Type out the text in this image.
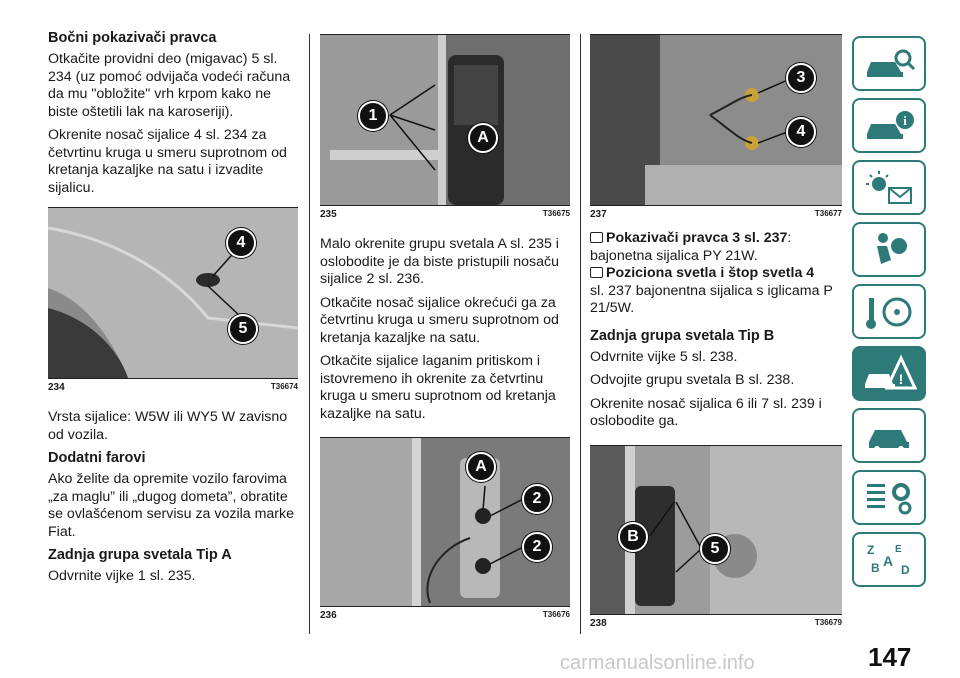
Bočni pokazivači pravca

Otkačite providni deo (migavac) 5 sl. 234 (uz pomoć odvijača vodeći računa da mu "obložite" vrh krpom kako ne biste oštetili lak na karoseriji).

Okrenite nosač sijalice 4 sl. 234 za četvrtinu kruga u smeru suprotnom od kretanja kazaljke na satu i izvadite sijalicu.

4
5
234	T36674

Vrsta sijalice: W5W ili WY5 W zavisno od vozila.

Dodatni farovi

Ako želite da opremite vozilo farovima „za maglu” ili „dugog dometa”, obratite se ovlašćenom servisu za vozila marke Fiat.

Zadnja grupa svetala Tip A

Odvrnite vijke 1 sl. 235.

1
A
235	T36675

Malo okrenite grupu svetala A sl. 235 i oslobodite je da biste pristupili nosaču sijalice 2 sl. 236.

Otkačite nosač sijalice okrećući ga za četvrtinu kruga u smeru suprotnom od kretanja kazaljke na satu.

Otkačite sijalice laganim pritiskom i istovremeno ih okrenite za četvrtinu kruga u smeru suprotnom od kretanja kazaljke na satu.

A
2
2
236	T36676
3
4
237	T36677

Pokazivači pravca 3 sl. 237:
bajonetna sijalica PY 21W.

Poziciona svetla i štop svetla 4
sl. 237 bajonentna sijalica s iglicama P 21/5W.

Zadnja grupa svetala Tip B

Odvrnite vijke 5 sl. 238.

Odvojite grupu svetala B sl. 238.

Okrenite nosač sijalica 6 ili 7 sl. 239 i oslobodite ga.

B
5
238	T36679
i
!
Z E
B A
D
147
carmanualsonline.info
